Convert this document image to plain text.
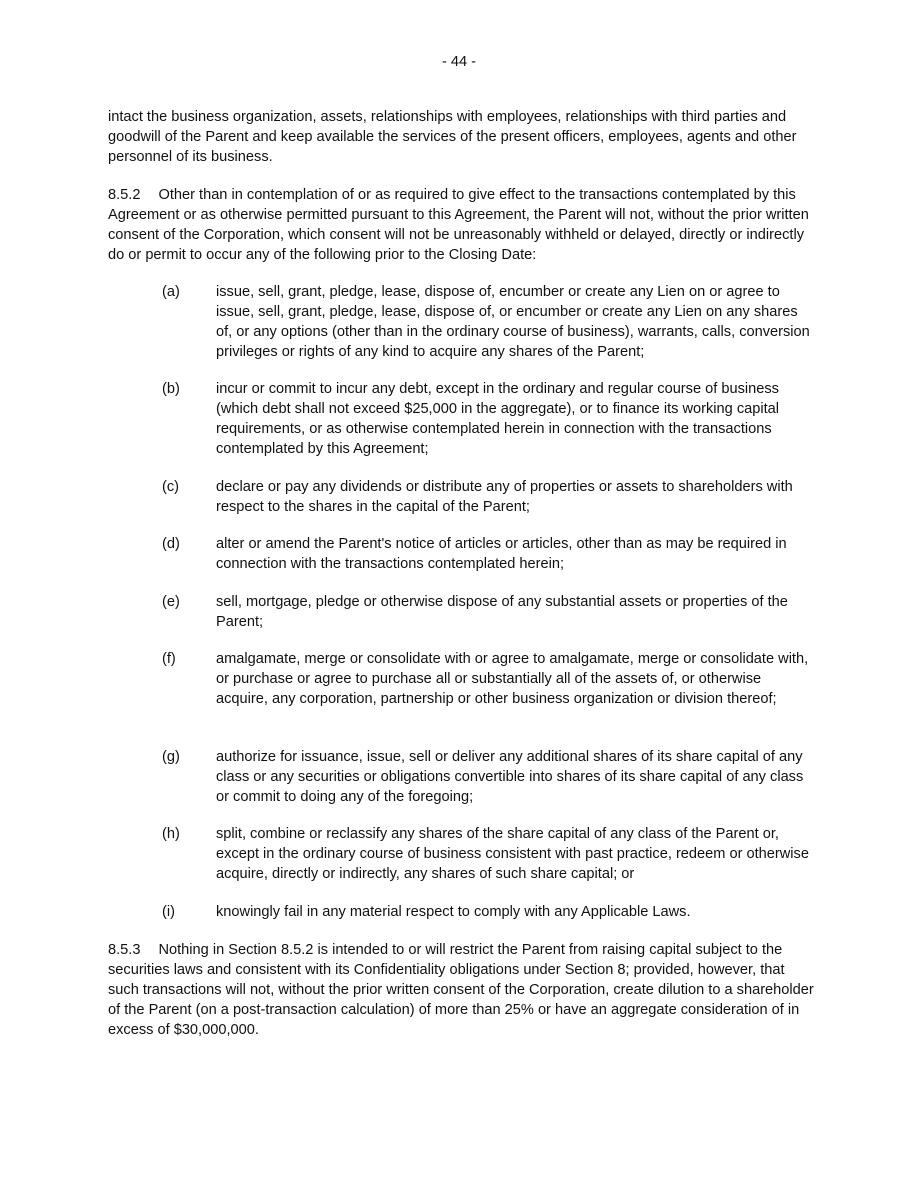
- 44 -

intact the business organization, assets, relationships with employees, relationships with third parties and goodwill of the Parent and keep available the services of the present officers, employees, agents and other personnel of its business.

8.5.2 Other than in contemplation of or as required to give effect to the transactions contemplated by this Agreement or as otherwise permitted pursuant to this Agreement, the Parent will not, without the prior written consent of the Corporation, which consent will not be unreasonably withheld or delayed, directly or indirectly do or permit to occur any of the following prior to the Closing Date:

(a)	issue, sell, grant, pledge, lease, dispose of, encumber or create any Lien on or agree to issue, sell, grant, pledge, lease, dispose of, or encumber or create any Lien on any shares of, or any options (other than in the ordinary course of business), warrants, calls, conversion privileges or rights of any kind to acquire any shares of the Parent;

(b)	incur or commit to incur any debt, except in the ordinary and regular course of business (which debt shall not exceed $25,000 in the aggregate), or to finance its working capital requirements, or as otherwise contemplated herein in connection with the transactions contemplated by this Agreement;

(c)	declare or pay any dividends or distribute any of properties or assets to shareholders with respect to the shares in the capital of the Parent;

(d)	alter or amend the Parent's notice of articles or articles, other than as may be required in connection with the transactions contemplated herein;

(e)	sell, mortgage, pledge or otherwise dispose of any substantial assets or properties of the Parent;

(f)	amalgamate, merge or consolidate with or agree to amalgamate, merge or consolidate with, or purchase or agree to purchase all or substantially all of the assets of, or otherwise acquire, any corporation, partnership or other business organization or division thereof;

(g)	authorize for issuance, issue, sell or deliver any additional shares of its share capital of any class or any securities or obligations convertible into shares of its share capital of any class or commit to doing any of the foregoing;

(h)	split, combine or reclassify any shares of the share capital of any class of the Parent or, except in the ordinary course of business consistent with past practice, redeem or otherwise acquire, directly or indirectly, any shares of such share capital; or

(i)	knowingly fail in any material respect to comply with any Applicable Laws.

8.5.3 Nothing in Section 8.5.2 is intended to or will restrict the Parent from raising capital subject to the securities laws and consistent with its Confidentiality obligations under Section 8; provided, however, that such transactions will not, without the prior written consent of the Corporation, create dilution to a shareholder of the Parent (on a post-transaction calculation) of more than 25% or have an aggregate consideration of in excess of $30,000,000.
